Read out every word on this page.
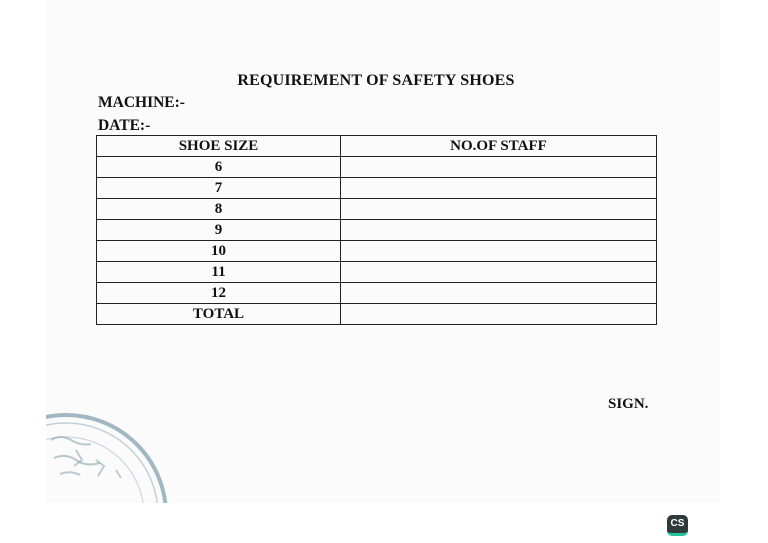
REQUIREMENT OF SAFETY SHOES
MACHINE:-
DATE:-
SHOE SIZE	NO.OF STAFF
6	
7	
8	
9	
10	
11	
12	
TOTAL	
SIGN.
CS
